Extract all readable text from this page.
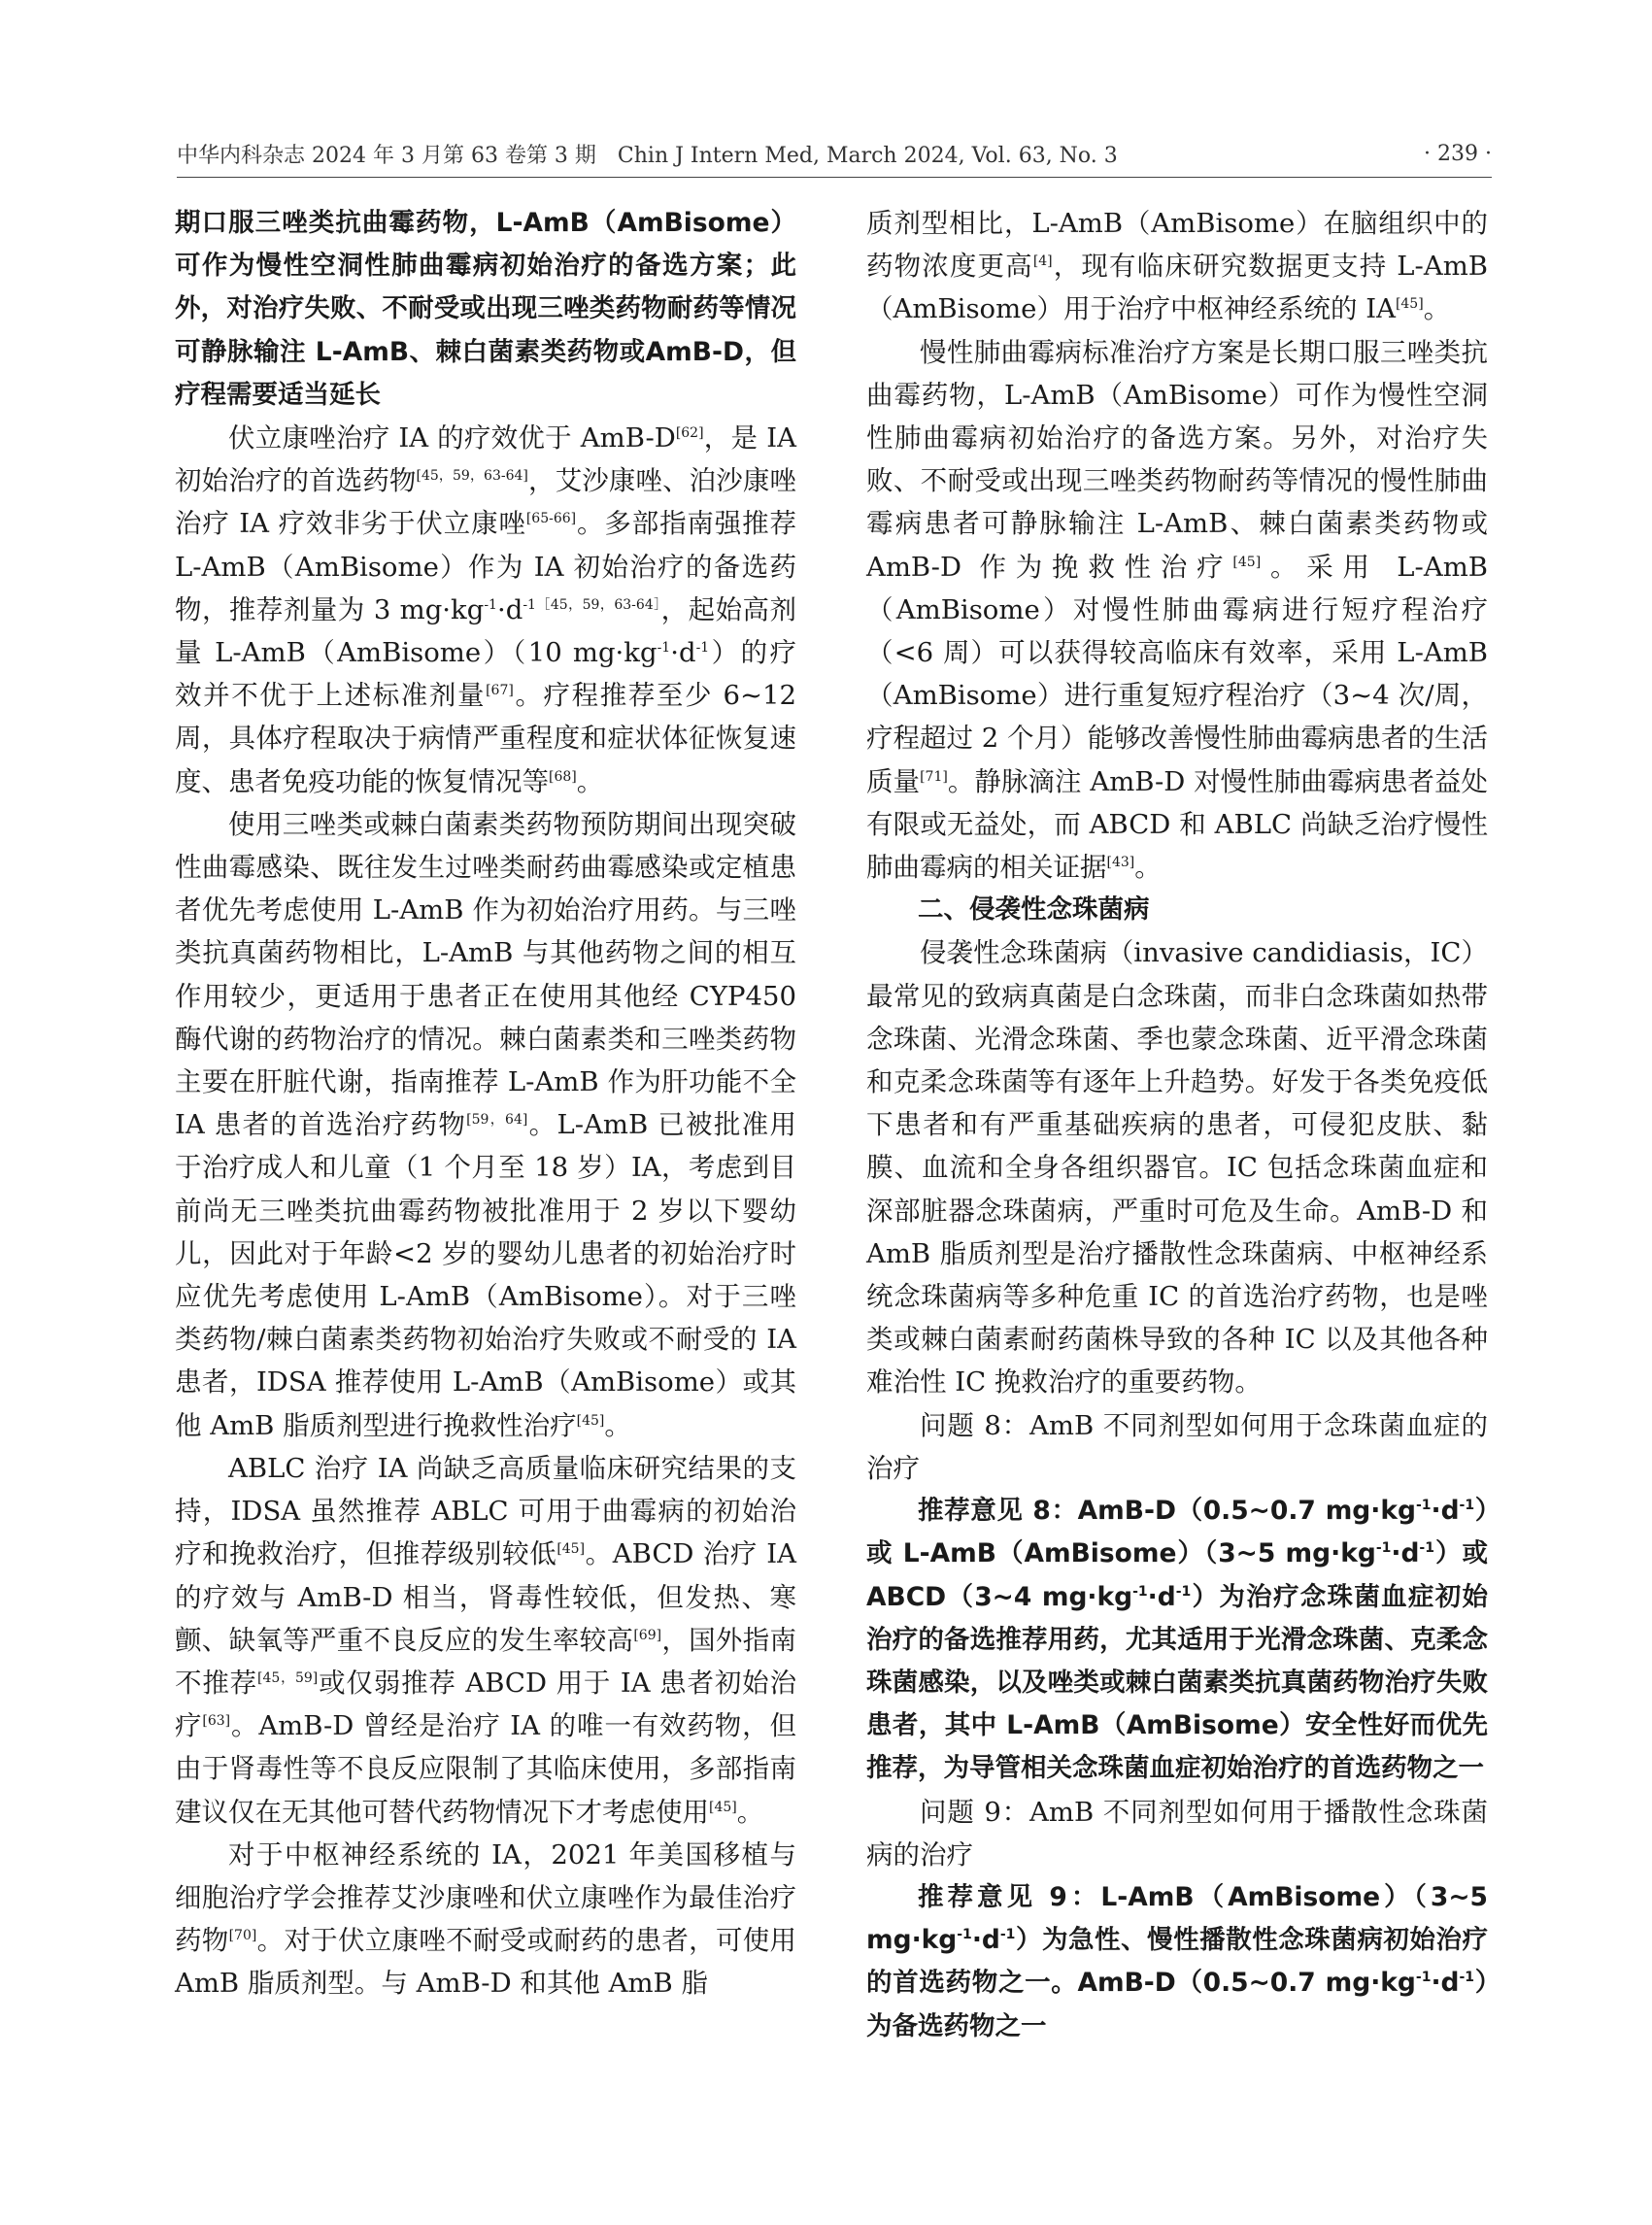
中华内科杂志 2024 年 3 月第 63 卷第 3 期　Chin J Intern Med, March 2024, Vol. 63, No. 3	· 239 ·

期口服三唑类抗曲霉药物，L-AmB（AmBisome）可作为慢性空洞性肺曲霉病初始治疗的备选方案；此外，对治疗失败、不耐受或出现三唑类药物耐药等情况可静脉输注 L-AmB、棘白菌素类药物或AmB-D，但疗程需要适当延长

伏立康唑治疗 IA 的疗效优于 AmB-D[62]，是 IA 初始治疗的首选药物[45，59，63-64]，艾沙康唑、泊沙康唑治疗 IA 疗效非劣于伏立康唑[65-66]。多部指南强推荐 L-AmB（AmBisome）作为 IA 初始治疗的备选药物，推荐剂量为 3 $mg\cdot kg^{-1}\cdot d^{-1[45,59,63-64]}$，起始高剂量 L-AmB（AmBisome）（10 $mg\cdot kg^{-1}\cdot d^{-1}$）的疗效并不优于上述标准剂量[67]。疗程推荐至少 6~12 周，具体疗程取决于病情严重程度和症状体征恢复速度、患者免疫功能的恢复情况等[68]。

使用三唑类或棘白菌素类药物预防期间出现突破性曲霉感染、既往发生过唑类耐药曲霉感染或定植患者优先考虑使用 L-AmB 作为初始治疗用药。与三唑类抗真菌药物相比，L-AmB 与其他药物之间的相互作用较少，更适用于患者正在使用其他经 CYP450 酶代谢的药物治疗的情况。棘白菌素类和三唑类药物主要在肝脏代谢，指南推荐 L-AmB 作为肝功能不全 IA 患者的首选治疗药物[59，64]。L-AmB 已被批准用于治疗成人和儿童（1 个月至 18 岁）IA，考虑到目前尚无三唑类抗曲霉药物被批准用于 2 岁以下婴幼儿，因此对于年龄<2 岁的婴幼儿患者的初始治疗时应优先考虑使用 L-AmB（AmBisome）。对于三唑类药物/棘白菌素类药物初始治疗失败或不耐受的 IA 患者，IDSA 推荐使用 L-AmB（AmBisome）或其他 AmB 脂质剂型进行挽救性治疗[45]。

ABLC 治疗 IA 尚缺乏高质量临床研究结果的支持，IDSA 虽然推荐 ABLC 可用于曲霉病的初始治疗和挽救治疗，但推荐级别较低[45]。ABCD 治疗 IA 的疗效与 AmB-D 相当，肾毒性较低，但发热、寒颤、缺氧等严重不良反应的发生率较高[69]，国外指南不推荐[45，59]或仅弱推荐 ABCD 用于 IA 患者初始治疗[63]。AmB-D 曾经是治疗 IA 的唯一有效药物，但由于肾毒性等不良反应限制了其临床使用，多部指南建议仅在无其他可替代药物情况下才考虑使用[45]。

对于中枢神经系统的 IA，2021 年美国移植与细胞治疗学会推荐艾沙康唑和伏立康唑作为最佳治疗药物[70]。对于伏立康唑不耐受或耐药的患者，可使用 AmB 脂质剂型。与 AmB-D 和其他 AmB 脂

质剂型相比，L-AmB（AmBisome）在脑组织中的药物浓度更高[4]，现有临床研究数据更支持 L-AmB（AmBisome）用于治疗中枢神经系统的 IA[45]。

慢性肺曲霉病标准治疗方案是长期口服三唑类抗曲霉药物，L-AmB（AmBisome）可作为慢性空洞性肺曲霉病初始治疗的备选方案。另外，对治疗失败、不耐受或出现三唑类药物耐药等情况的慢性肺曲霉病患者可静脉输注 L-AmB、棘白菌素类药物或 AmB-D 作为挽救性治疗[45]。采用 L-AmB（AmBisome）对慢性肺曲霉病进行短疗程治疗（<6 周）可以获得较高临床有效率，采用 L-AmB（AmBisome）进行重复短疗程治疗（3~4 次/周，疗程超过 2 个月）能够改善慢性肺曲霉病患者的生活质量[71]。静脉滴注 AmB-D 对慢性肺曲霉病患者益处有限或无益处，而 ABCD 和 ABLC 尚缺乏治疗慢性肺曲霉病的相关证据[43]。

二、侵袭性念珠菌病

侵袭性念珠菌病（invasive candidiasis，IC）最常见的致病真菌是白念珠菌，而非白念珠菌如热带念珠菌、光滑念珠菌、季也蒙念珠菌、近平滑念珠菌和克柔念珠菌等有逐年上升趋势。好发于各类免疫低下患者和有严重基础疾病的患者，可侵犯皮肤、黏膜、血流和全身各组织器官。IC 包括念珠菌血症和深部脏器念珠菌病，严重时可危及生命。AmB-D 和 AmB 脂质剂型是治疗播散性念珠菌病、中枢神经系统念珠菌病等多种危重 IC 的首选治疗药物，也是唑类或棘白菌素耐药菌株导致的各种 IC 以及其他各种难治性 IC 挽救治疗的重要药物。

问题 8：AmB 不同剂型如何用于念珠菌血症的治疗

推荐意见 8：AmB-D（0.5~0.7 $mg\cdot kg^{-1}\cdot d^{-1}$）或 L-AmB（AmBisome）（3~5 $mg\cdot kg^{-1}\cdot d^{-1}$）或 ABCD（3~4 $mg\cdot kg^{-1}\cdot d^{-1}$）为治疗念珠菌血症初始治疗的备选推荐用药，尤其适用于光滑念珠菌、克柔念珠菌感染，以及唑类或棘白菌素类抗真菌药物治疗失败患者，其中 L-AmB（AmBisome）安全性好而优先推荐，为导管相关念珠菌血症初始治疗的首选药物之一

问题 9：AmB 不同剂型如何用于播散性念珠菌病的治疗

推荐意见 9：L-AmB（AmBisome）（3~5 $mg\cdot kg^{-1}\cdot d^{-1}$）为急性、慢性播散性念珠菌病初始治疗的首选药物之一。AmB-D（0.5~0.7 $mg\cdot kg^{-1}\cdot d^{-1}$）为备选药物之一
